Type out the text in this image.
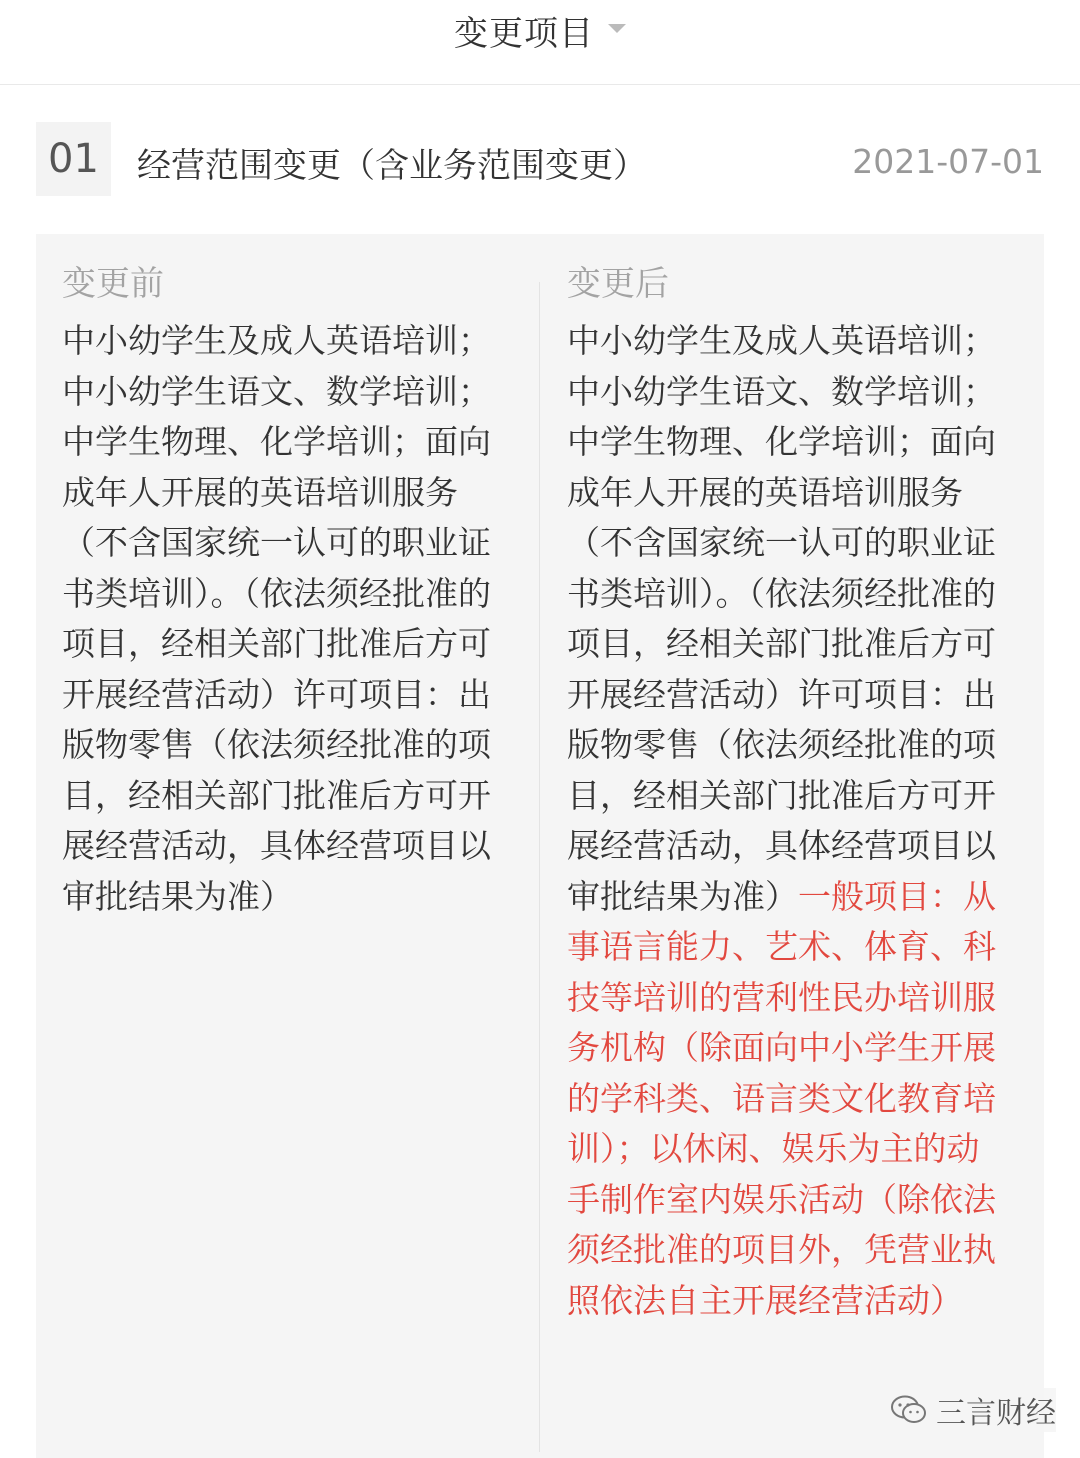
变更项目
01	经营范围变更（含业务范围变更）	2021-07-01
变更前
中小幼学生及成人英语培训；中小幼学生语文、数学培训；中学生物理、化学培训；面向成年人开展的英语培训服务（不含国家统一认可的职业证书类培训）。（依法须经批准的项目，经相关部门批准后方可开展经营活动）许可项目：出版物零售（依法须经批准的项目，经相关部门批准后方可开展经营活动，具体经营项目以审批结果为准）
变更后
中小幼学生及成人英语培训；中小幼学生语文、数学培训；中学生物理、化学培训；面向成年人开展的英语培训服务（不含国家统一认可的职业证书类培训）。（依法须经批准的项目，经相关部门批准后方可开展经营活动）许可项目：出版物零售（依法须经批准的项目，经相关部门批准后方可开展经营活动，具体经营项目以审批结果为准）一般项目：从事语言能力、艺术、体育、科技等培训的营利性民办培训服务机构（除面向中小学生开展的学科类、语言类文化教育培训）；以休闲、娱乐为主的动手制作室内娱乐活动（除依法须经批准的项目外，凭营业执照依法自主开展经营活动）
三言财经
